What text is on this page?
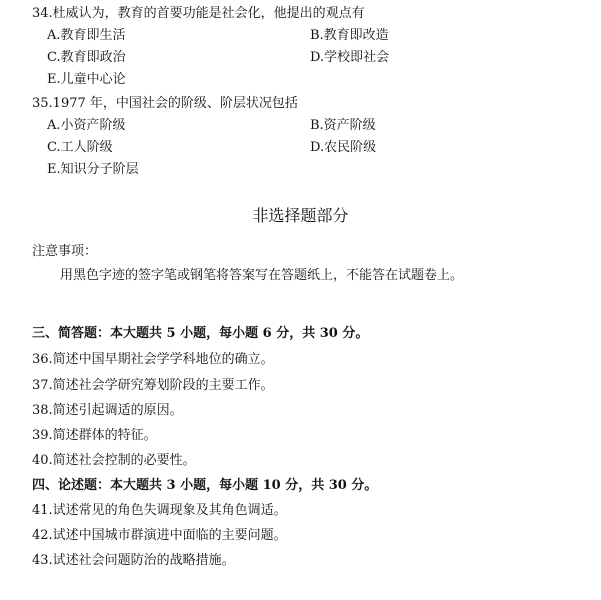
34.杜威认为，教育的首要功能是社会化，他提出的观点有
A.教育即生活	B.教育即改造
C.教育即政治	D.学校即社会
E.儿童中心论
35.1977 年，中国社会的阶级、阶层状况包括
A.小资产阶级	B.资产阶级
C.工人阶级	D.农民阶级
E.知识分子阶层
非选择题部分
注意事项：
用黑色字迹的签字笔或钢笔将答案写在答题纸上，不能答在试题卷上。
三、简答题：本大题共 5 小题，每小题 6 分，共 30 分。
36.简述中国早期社会学学科地位的确立。
37.简述社会学研究筹划阶段的主要工作。
38.简述引起调适的原因。
39.简述群体的特征。
40.简述社会控制的必要性。
四、论述题：本大题共 3 小题，每小题 10 分，共 30 分。
41.试述常见的角色失调现象及其角色调适。
42.试述中国城市群演进中面临的主要问题。
43.试述社会问题防治的战略措施。
